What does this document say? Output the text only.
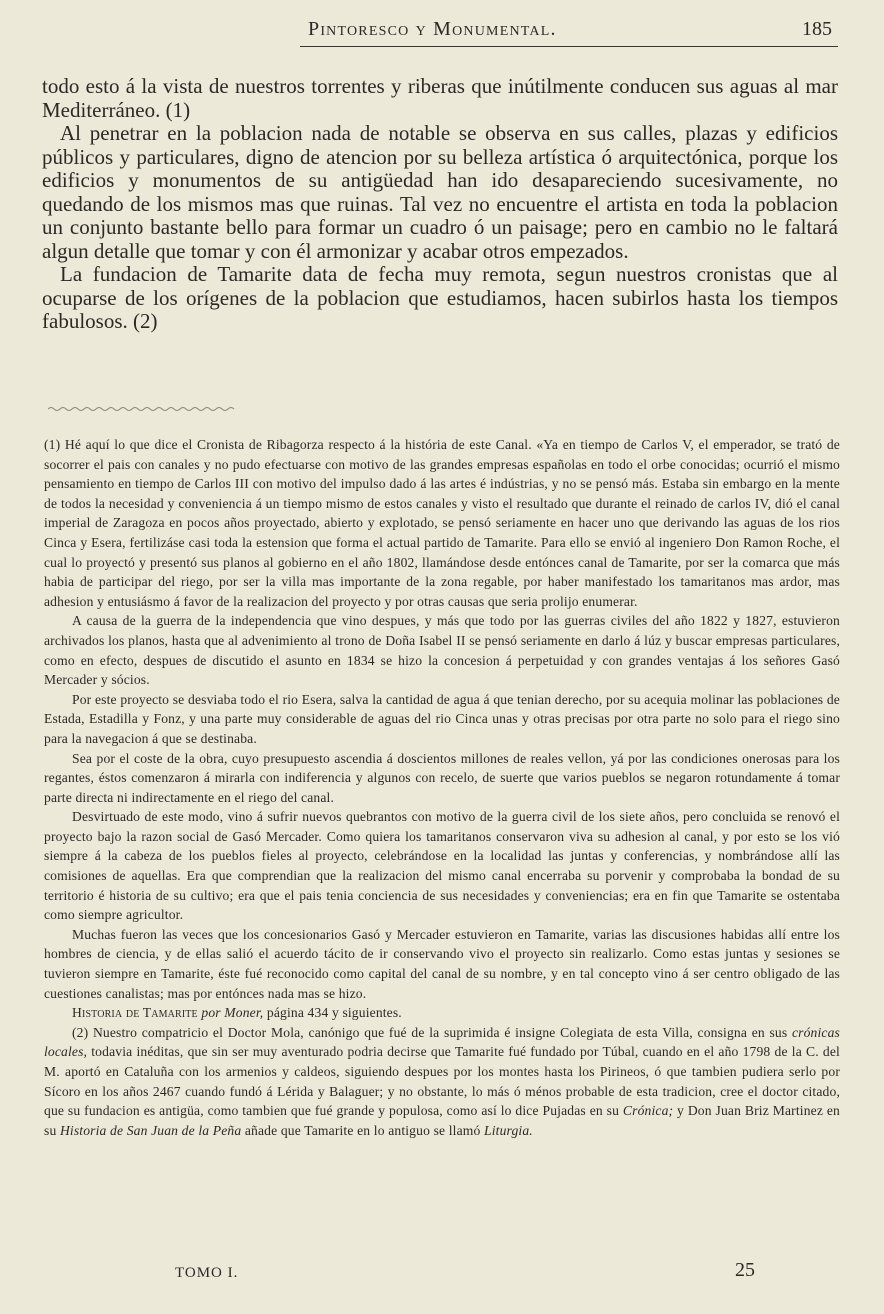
Pintoresco y Monumental.	185

todo esto á la vista de nuestros torrentes y riberas que inútilmente conducen sus aguas al mar Mediterráneo. (1)

Al penetrar en la poblacion nada de notable se observa en sus calles, plazas y edificios públicos y particulares, digno de atencion por su belleza artística ó arquitectónica, porque los edificios y monumentos de su antigüedad han ido desapareciendo sucesivamente, no quedando de los mismos mas que ruinas. Tal vez no encuentre el artista en toda la poblacion un conjunto bastante bello para formar un cuadro ó un paisage; pero en cambio no le faltará algun detalle que tomar y con él armonizar y acabar otros empezados.

La fundacion de Tamarite data de fecha muy remota, segun nuestros cronistas que al ocuparse de los orígenes de la poblacion que estudiamos, hacen subirlos hasta los tiempos fabulosos. (2)

(1) Hé aquí lo que dice el Cronista de Ribagorza respecto á la história de este Canal. «Ya en tiempo de Carlos V, el emperador, se trató de socorrer el pais con canales y no pudo efectuarse con motivo de las grandes empresas españolas en todo el orbe conocidas; ocurrió el mismo pensamiento en tiempo de Carlos III con motivo del impulso dado á las artes é indústrias, y no se pensó más. Estaba sin embargo en la mente de todos la necesidad y conveniencia á un tiempo mismo de estos canales y visto el resultado que durante el reinado de carlos IV, dió el canal imperial de Zaragoza en pocos años proyectado, abierto y explotado, se pensó seriamente en hacer uno que derivando las aguas de los rios Cinca y Esera, fertilizáse casi toda la estension que forma el actual partido de Tamarite. Para ello se envió al ingeniero Don Ramon Roche, el cual lo proyectó y presentó sus planos al gobierno en el año 1802, llamándose desde entónces canal de Tamarite, por ser la comarca que más habia de participar del riego, por ser la villa mas importante de la zona regable, por haber manifestado los tamaritanos mas ardor, mas adhesion y entusiásmo á favor de la realizacion del proyecto y por otras causas que seria prolijo enumerar.

A causa de la guerra de la independencia que vino despues, y más que todo por las guerras civiles del año 1822 y 1827, estuvieron archivados los planos, hasta que al advenimiento al trono de Doña Isabel II se pensó seriamente en darlo á lúz y buscar empresas particulares, como en efecto, despues de discutido el asunto en 1834 se hizo la concesion á perpetuidad y con grandes ventajas á los señores Gasó Mercader y sócios.

Por este proyecto se desviaba todo el rio Esera, salva la cantidad de agua á que tenian derecho, por su acequia molinar las poblaciones de Estada, Estadilla y Fonz, y una parte muy considerable de aguas del rio Cinca unas y otras precisas por otra parte no solo para el riego sino para la navegacion á que se destinaba.

Sea por el coste de la obra, cuyo presupuesto ascendia á doscientos millones de reales vellon, yá por las condiciones onerosas para los regantes, éstos comenzaron á mirarla con indiferencia y algunos con recelo, de suerte que varios pueblos se negaron rotundamente á tomar parte directa ni indirectamente en el riego del canal.

Desvirtuado de este modo, vino á sufrir nuevos quebrantos con motivo de la guerra civil de los siete años, pero concluida se renovó el proyecto bajo la razon social de Gasó Mercader. Como quiera los tamaritanos conservaron viva su adhesion al canal, y por esto se los vió siempre á la cabeza de los pueblos fieles al proyecto, celebrándose en la localidad las juntas y conferencias, y nombrándose allí las comisiones de aquellas. Era que comprendian que la realizacion del mismo canal encerraba su porvenir y comprobaba la bondad de su territorio é historia de su cultivo; era que el pais tenia conciencia de sus necesidades y conveniencias; era en fin que Tamarite se ostentaba como siempre agricultor.

Muchas fueron las veces que los concesionarios Gasó y Mercader estuvieron en Tamarite, varias las discusiones habidas allí entre los hombres de ciencia, y de ellas salió el acuerdo tácito de ir conservando vivo el proyecto sin realizarlo. Como estas juntas y sesiones se tuvieron siempre en Tamarite, éste fué reconocido como capital del canal de su nombre, y en tal concepto vino á ser centro obligado de las cuestiones canalistas; mas por entónces nada mas se hizo.

Historia de Tamarite por Moner, página 434 y siguientes.

(2) Nuestro compatricio el Doctor Mola, canónigo que fué de la suprimida é insigne Colegiata de esta Villa, consigna en sus crónicas locales, todavia inéditas, que sin ser muy aventurado podria decirse que Tamarite fué fundado por Túbal, cuando en el año 1798 de la C. del M. aportó en Cataluña con los armenios y caldeos, siguiendo despues por los montes hasta los Pirineos, ó que tambien pudiera serlo por Sícoro en los años 2467 cuando fundó á Lérida y Balaguer; y no obstante, lo más ó ménos probable de esta tradicion, cree el doctor citado, que su fundacion es antigüa, como tambien que fué grande y populosa, como así lo dice Pujadas en su Crónica; y Don Juan Briz Martinez en su Historia de San Juan de la Peña añade que Tamarite en lo antiguo se llamó Liturgia.

TOMO I.	25
